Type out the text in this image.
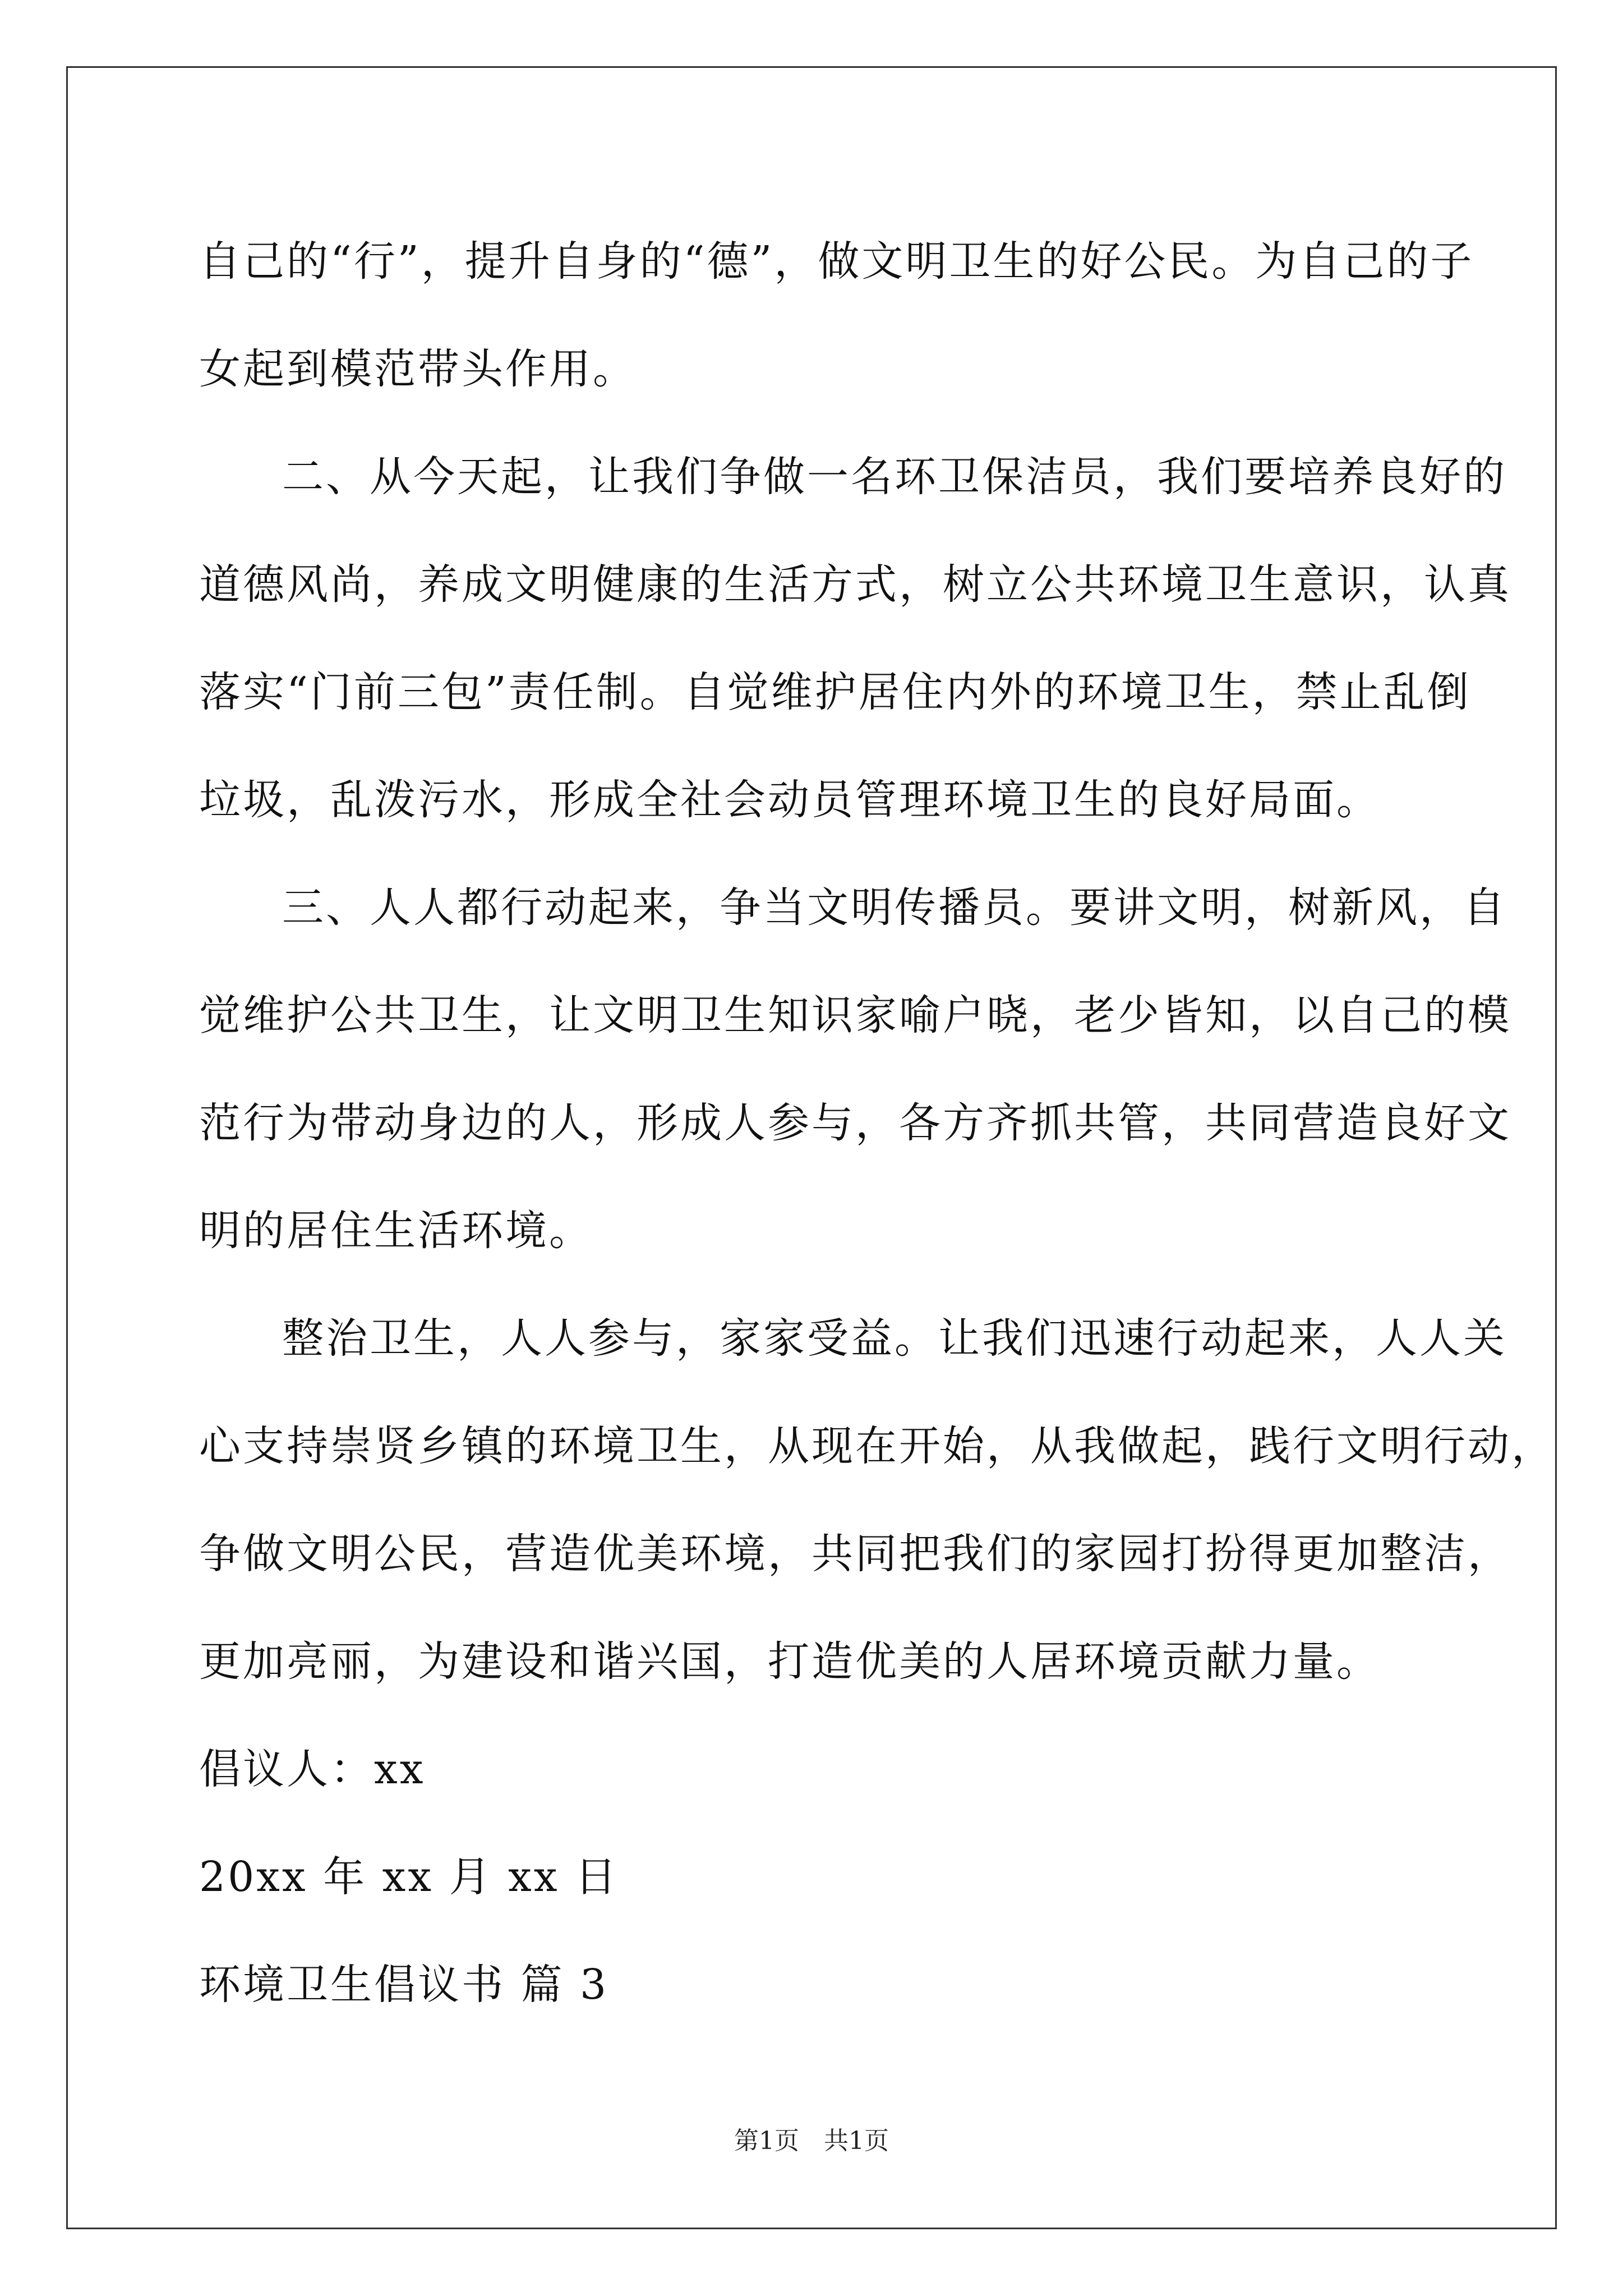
自己的“行”，提升自身的“德”，做文明卫生的好公民。为自己的子
女起到模范带头作用。
二、从今天起，让我们争做一名环卫保洁员，我们要培养良好的
道德风尚，养成文明健康的生活方式，树立公共环境卫生意识，认真
落实“门前三包”责任制。自觉维护居住内外的环境卫生，禁止乱倒
垃圾，乱泼污水，形成全社会动员管理环境卫生的良好局面。
三、人人都行动起来，争当文明传播员。要讲文明，树新风，自
觉维护公共卫生，让文明卫生知识家喻户晓，老少皆知，以自己的模
范行为带动身边的人，形成人参与，各方齐抓共管，共同营造良好文
明的居住生活环境。
整治卫生，人人参与，家家受益。让我们迅速行动起来，人人关
心支持崇贤乡镇的环境卫生，从现在开始，从我做起，践行文明行动，
争做文明公民，营造优美环境，共同把我们的家园打扮得更加整洁，
更加亮丽，为建设和谐兴国，打造优美的人居环境贡献力量。
倡议人：xx
20xx 年 xx 月 xx 日
环境卫生倡议书 篇 3
第1页　共1页
